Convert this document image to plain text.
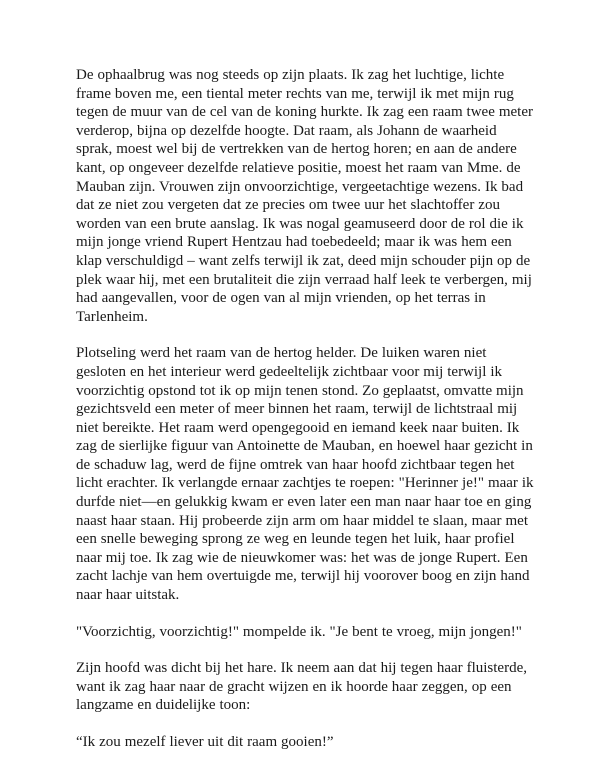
De ophaalbrug was nog steeds op zijn plaats. Ik zag het luchtige, lichte
frame boven me, een tiental meter rechts van me, terwijl ik met mijn rug
tegen de muur van de cel van de koning hurkte. Ik zag een raam twee meter
verderop, bijna op dezelfde hoogte. Dat raam, als Johann de waarheid
sprak, moest wel bij de vertrekken van de hertog horen; en aan de andere
kant, op ongeveer dezelfde relatieve positie, moest het raam van Mme. de
Mauban zijn. Vrouwen zijn onvoorzichtige, vergeetachtige wezens. Ik bad
dat ze niet zou vergeten dat ze precies om twee uur het slachtoffer zou
worden van een brute aanslag. Ik was nogal geamuseerd door de rol die ik
mijn jonge vriend Rupert Hentzau had toebedeeld; maar ik was hem een
klap verschuldigd – want zelfs terwijl ik zat, deed mijn schouder pijn op de
plek waar hij, met een brutaliteit die zijn verraad half leek te verbergen, mij
had aangevallen, voor de ogen van al mijn vrienden, op het terras in
Tarlenheim.

Plotseling werd het raam van de hertog helder. De luiken waren niet
gesloten en het interieur werd gedeeltelijk zichtbaar voor mij terwijl ik
voorzichtig opstond tot ik op mijn tenen stond. Zo geplaatst, omvatte mijn
gezichtsveld een meter of meer binnen het raam, terwijl de lichtstraal mij
niet bereikte. Het raam werd opengegooid en iemand keek naar buiten. Ik
zag de sierlijke figuur van Antoinette de Mauban, en hoewel haar gezicht in
de schaduw lag, werd de fijne omtrek van haar hoofd zichtbaar tegen het
licht erachter. Ik verlangde ernaar zachtjes te roepen: "Herinner je!" maar ik
durfde niet—en gelukkig kwam er even later een man naar haar toe en ging
naast haar staan. Hij probeerde zijn arm om haar middel te slaan, maar met
een snelle beweging sprong ze weg en leunde tegen het luik, haar profiel
naar mij toe. Ik zag wie de nieuwkomer was: het was de jonge Rupert. Een
zacht lachje van hem overtuigde me, terwijl hij voorover boog en zijn hand
naar haar uitstak.

"Voorzichtig, voorzichtig!" mompelde ik. "Je bent te vroeg, mijn jongen!"

Zijn hoofd was dicht bij het hare. Ik neem aan dat hij tegen haar fluisterde,
want ik zag haar naar de gracht wijzen en ik hoorde haar zeggen, op een
langzame en duidelijke toon:

“Ik zou mezelf liever uit dit raam gooien!”
